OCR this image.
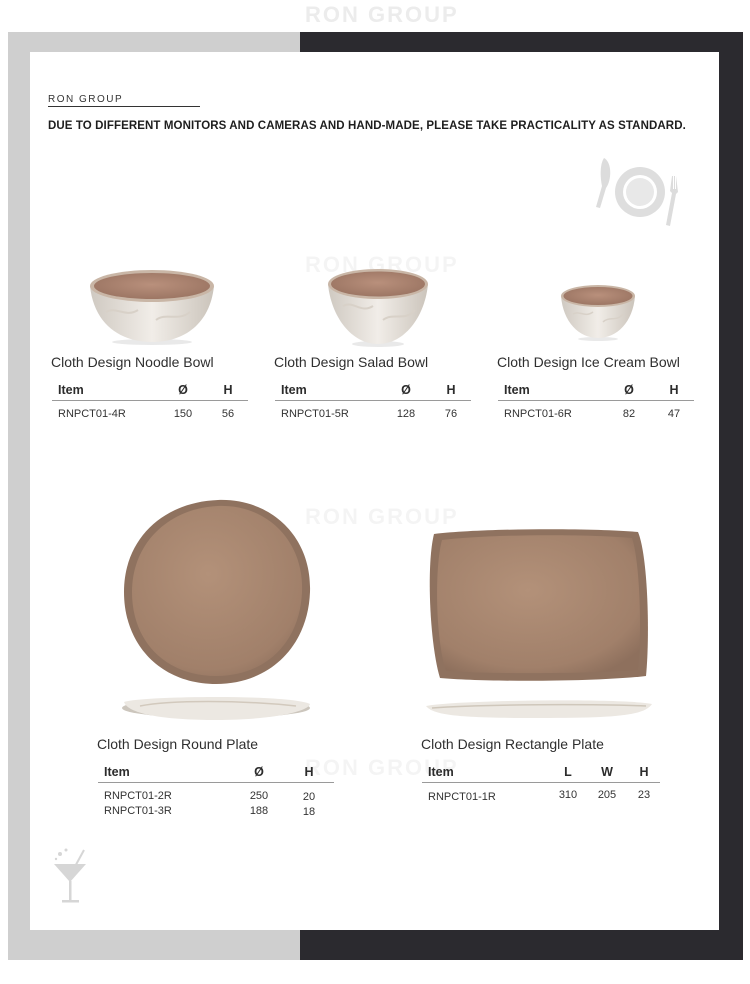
RON GROUP
RON GROUP
DUE TO DIFFERENT MONITORS AND CAMERAS AND HAND-MADE, PLEASE TAKE PRACTICALITY AS STANDARD.
Cloth Design Noodle Bowl	Cloth Design Salad Bowl	Cloth Design Ice Cream Bowl
Item	Ø	H
RNPCT01-4R	150	56
Item	Ø	H
RNPCT01-5R	128	76
Item	Ø	H
RNPCT01-6R	82	47
Cloth Design Round Plate	Cloth Design Rectangle Plate
Item	Ø	H
RNPCT01-2R	250	20
RNPCT01-3R	188	18
Item	L	W	H
RNPCT01-1R	310	205	23
